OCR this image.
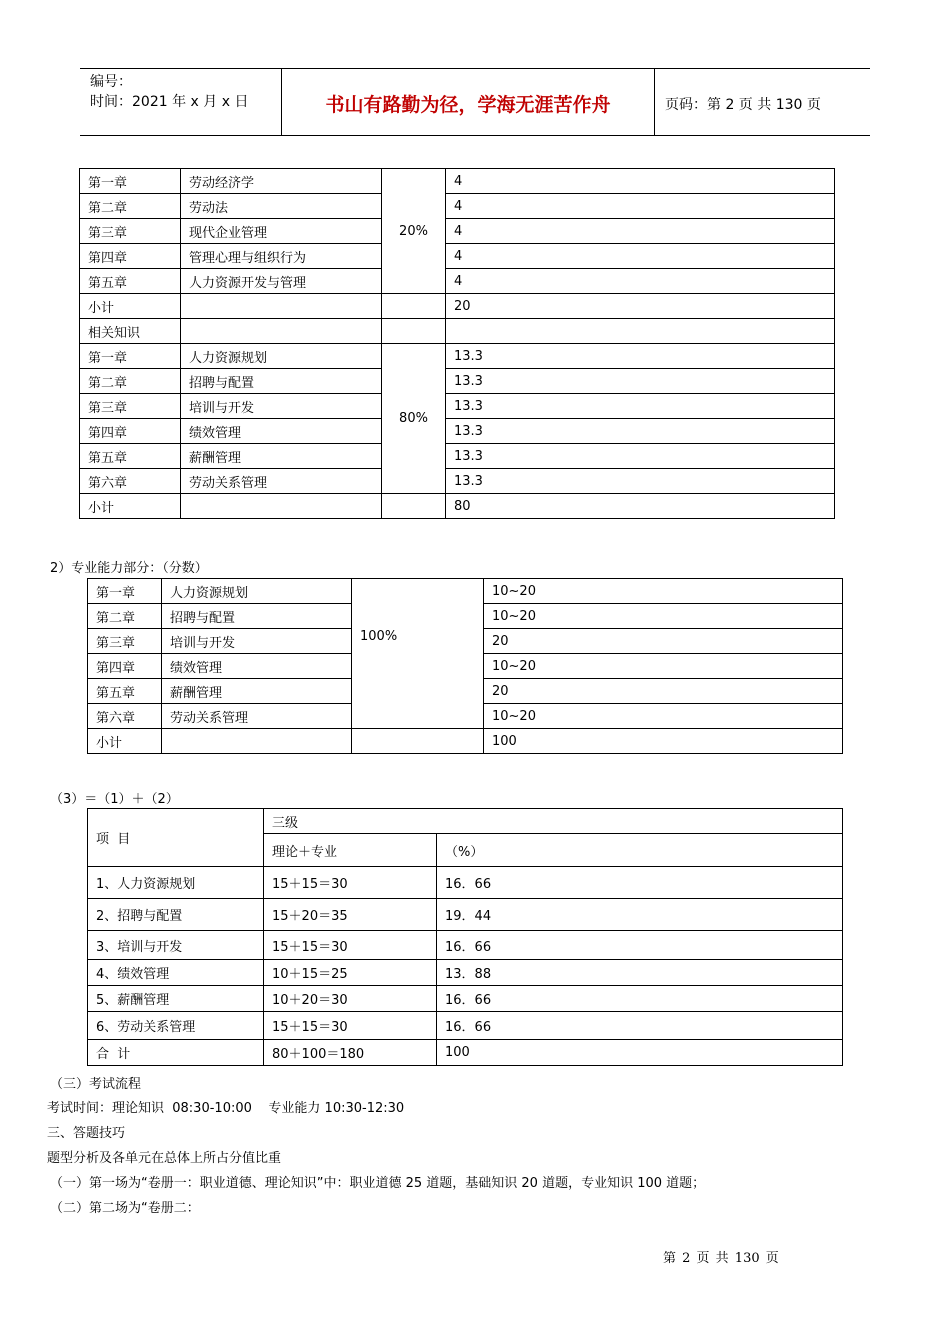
编号：
时间：2021 年 x 月 x 日	书山有路勤为径，学海无涯苦作舟	页码：第 2 页 共 130 页
第一章	劳动经济学	20%	4
第二章	劳动法		4
第三章	现代企业管理		4
第四章	管理心理与组织行为		4
第五章	人力资源开发与管理		4
小计			20
相关知识			
第一章	人力资源规划	80%	13.3
第二章	招聘与配置		13.3
第三章	培训与开发		13.3
第四章	绩效管理		13.3
第五章	薪酬管理		13.3
第六章	劳动关系管理		13.3
小计			80
2）专业能力部分：（分数）
第一章	人力资源规划	100%	10~20
第二章	招聘与配置		10~20
第三章	培训与开发		20
第四章	绩效管理		10~20
第五章	薪酬管理		20
第六章	劳动关系管理		10~20
小计			100
（3）＝（1）＋（2）
项  目	三级	
	理论＋专业	（%）
1、人力资源规划	15＋15＝30	16．66
2、招聘与配置	15＋20＝35	19．44
3、培训与开发	15＋15＝30	16．66
4、绩效管理	10＋15＝25	13．88
5、薪酬管理	10＋20＝30	16．66
6、劳动关系管理	15＋15＝30	16．66
合  计	80＋100＝180	100
（三）考试流程
考试时间：理论知识  08:30-10:00    专业能力 10:30-12:30
三、答题技巧
题型分析及各单元在总体上所占分值比重
（一）第一场为“卷册一：职业道德、理论知识”中：职业道德 25 道题，基础知识 20 道题，专业知识 100 道题；
（二）第二场为“卷册二：
第 2 页 共 130 页
